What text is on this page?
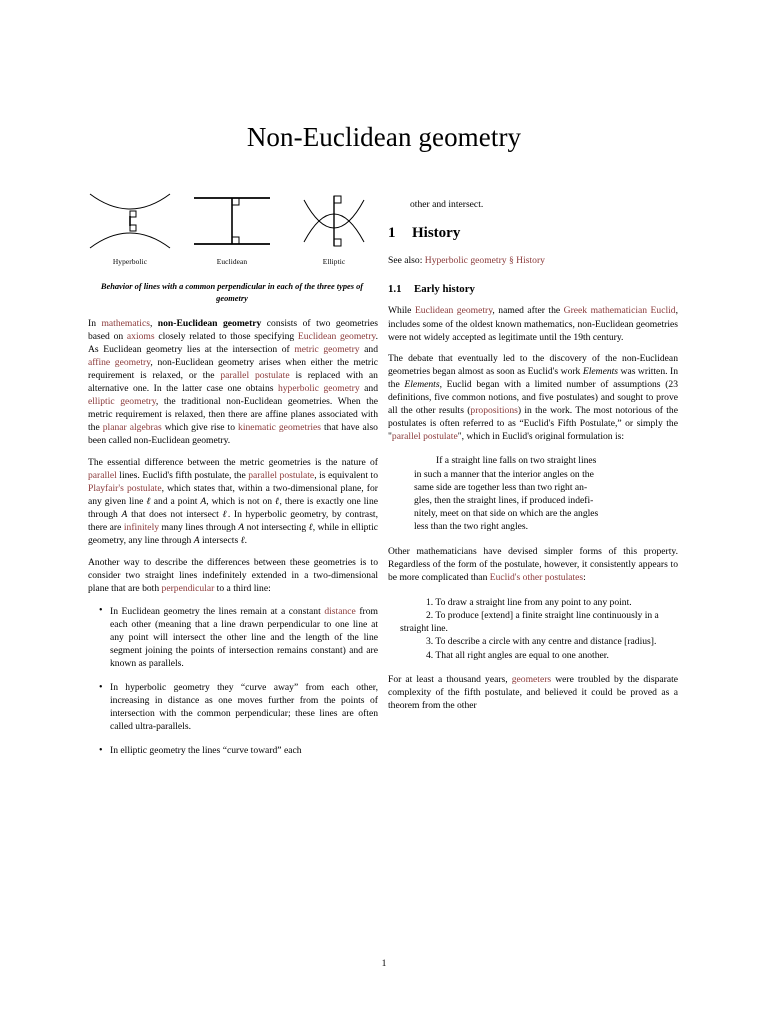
Non-Euclidean geometry
Hyperbolic	Euclidean	Elliptic
Behavior of lines with a common perpendicular in each of the three types of geometry

In mathematics, non-Euclidean geometry consists of two geometries based on axioms closely related to those specifying Euclidean geometry. As Euclidean geometry lies at the intersection of metric geometry and affine geometry, non-Euclidean geometry arises when either the metric requirement is relaxed, or the parallel postulate is replaced with an alternative one. In the latter case one obtains hyperbolic geometry and elliptic geometry, the traditional non-Euclidean geometries. When the metric requirement is relaxed, then there are affine planes associated with the planar algebras which give rise to kinematic geometries that have also been called non-Euclidean geometry.

The essential difference between the metric geometries is the nature of parallel lines. Euclid's fifth postulate, the parallel postulate, is equivalent to Playfair's postulate, which states that, within a two-dimensional plane, for any given line ℓ and a point A, which is not on ℓ, there is exactly one line through A that does not intersect ℓ. In hyperbolic geometry, by contrast, there are infinitely many lines through A not intersecting ℓ, while in elliptic geometry, any line through A intersects ℓ.

Another way to describe the differences between these geometries is to consider two straight lines indefinitely extended in a two-dimensional plane that are both perpendicular to a third line:

• In Euclidean geometry the lines remain at a constant distance from each other (meaning that a line drawn perpendicular to one line at any point will intersect the other line and the length of the line segment joining the points of intersection remains constant) and are known as parallels.
• In hyperbolic geometry they “curve away” from each other, increasing in distance as one moves further from the points of intersection with the common perpendicular; these lines are often called ultra-parallels.
• In elliptic geometry the lines “curve toward” each

other and intersect.

1 History

See also: Hyperbolic geometry § History

1.1 Early history

While Euclidean geometry, named after the Greek mathematician Euclid, includes some of the oldest known mathematics, non-Euclidean geometries were not widely accepted as legitimate until the 19th century.

The debate that eventually led to the discovery of the non-Euclidean geometries began almost as soon as Euclid's work Elements was written. In the Elements, Euclid began with a limited number of assumptions (23 definitions, five common notions, and five postulates) and sought to prove all the other results (propositions) in the work. The most notorious of the postulates is often referred to as “Euclid's Fifth Postulate,” or simply the "parallel postulate", which in Euclid's original formulation is:

If a straight line falls on two straight lines
in such a manner that the interior angles on the
same side are together less than two right an-
gles, then the straight lines, if produced indefi-
nitely, meet on that side on which are the angles
less than the two right angles.

Other mathematicians have devised simpler forms of this property. Regardless of the form of the postulate, however, it consistently appears to be more complicated than Euclid's other postulates:

1. To draw a straight line from any point to any point.
2. To produce [extend] a finite straight line continuously in a straight line.
3. To describe a circle with any centre and distance [radius].
4. That all right angles are equal to one another.

For at least a thousand years, geometers were troubled by the disparate complexity of the fifth postulate, and believed it could be proved as a theorem from the other

1
